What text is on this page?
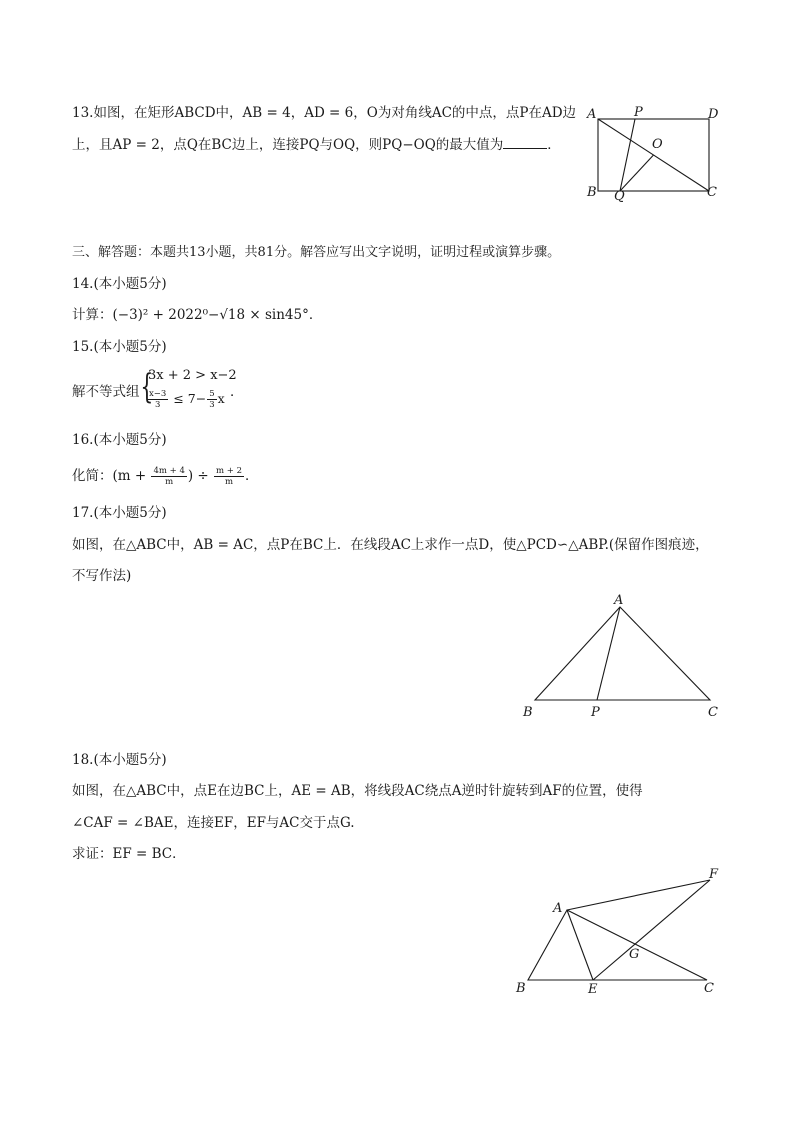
13.如图，在矩形ABCD中，AB = 4，AD = 6，O为对角线AC的中点，点P在AD边
上，且AP = 2，点Q在BC边上，连接PQ与OQ，则PQ−OQ的最大值为	．
A	P	D
O
B Q	C
三、解答题：本题共13小题，共81分。解答应写出文字说明，证明过程或演算步骤。
14.(本小题5分)
计算：(−3)² + 2022⁰−√18 × sin45°．
15.(本小题5分)
解不等式组 {
3x + 2 > x−2
$\frac{x-3}{3} \le 7- \frac{5}{3}$ x ．
16.(本小题5分)
化简：($m + \frac{4m + 4}{m}$ ) ÷ $\frac{m + 2}{m}$ ．
17.(本小题5分)
如图，在△ABC中，AB = AC，点P在BC上．在线段AC上求作一点D，使△PCD∽△ABP.(保留作图痕迹，
不写作法)
A
B	P	C
18.(本小题5分)
如图，在△ABC中，点E在边BC上，AE = AB，将线段AC绕点A逆时针旋转到AF的位置，使得
∠CAF = ∠BAE，连接EF，EF与AC交于点G.
求证：EF = BC．
A
F
G
B	E	C
